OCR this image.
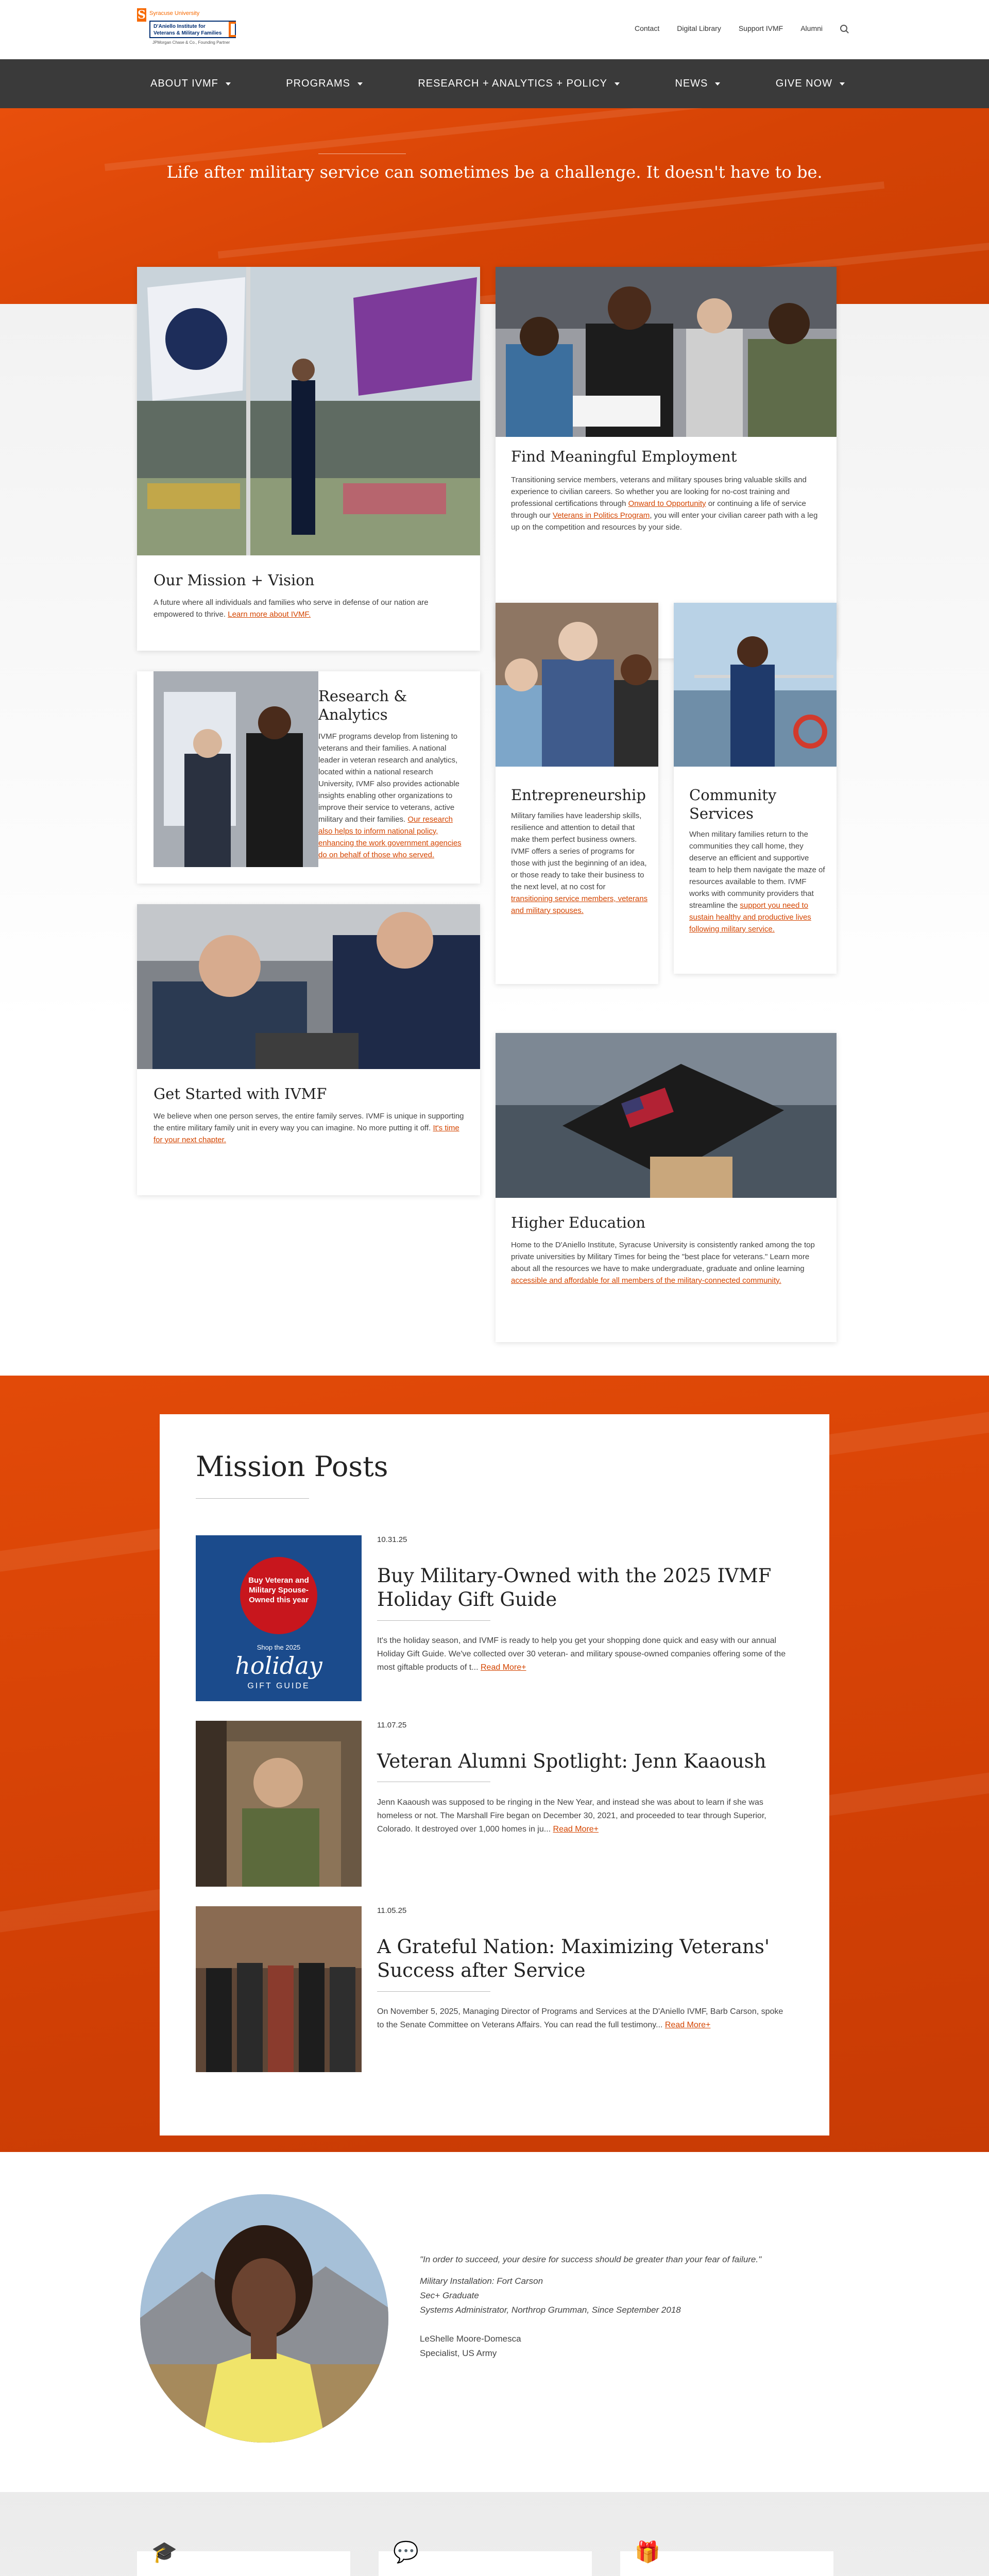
S Syracuse University
D'Aniello Institute for
Veterans & Military Families
JPMorgan Chase & Co., Founding Partner
Contact Digital Library Support IVMF Alumni
ABOUT IVMF	PROGRAMS	RESEARCH + ANALYTICS + POLICY	NEWS	GIVE NOW
Life after military service can sometimes be a challenge. It doesn't have to be.
Our Mission + Vision

A future where all individuals and families who serve in defense of our nation are empowered to thrive. Learn more about IVMF.

Find Meaningful Employment

Transitioning service members, veterans and military spouses bring valuable skills and experience to civilian careers. So whether you are looking for no-cost training and professional certifications through Onward to Opportunity or continuing a life of service through our Veterans in Politics Program, you will enter your civilian career path with a leg up on the competition and resources by your side.

Research & Analytics

IVMF programs develop from listening to veterans and their families. A national leader in veteran research and analytics, located within a national research University, IVMF also provides actionable insights enabling other organizations to improve their service to veterans, active military and their families. Our research also helps to inform national policy, enhancing the work government agencies do on behalf of those who served.

Entrepreneurship

Military families have leadership skills, resilience and attention to detail that make them perfect business owners. IVMF offers a series of programs for those with just the beginning of an idea, or those ready to take their business to the next level, at no cost for transitioning service members, veterans and military spouses.

Community Services

When military families return to the communities they call home, they deserve an efficient and supportive team to help them navigate the maze of resources available to them. IVMF works with community providers that streamline the support you need to sustain healthy and productive lives following military service.

Get Started with IVMF

We believe when one person serves, the entire family serves. IVMF is unique in supporting the entire military family unit in every way you can imagine. No more putting it off. It's time for your next chapter.

Higher Education

Home to the D'Aniello Institute, Syracuse University is consistently ranked among the top private universities by Military Times for being the "best place for veterans." Learn more about all the resources we have to make undergraduate, graduate and online learning accessible and affordable for all members of the military-connected community.

Mission Posts
Buy Veteran and Military Spouse-Owned this year
Shop the 2025
holiday
GIFT GUIDE
10.31.25
Buy Military-Owned with the 2025 IVMF Holiday Gift Guide

It's the holiday season, and IVMF is ready to help you get your shopping done quick and easy with our annual Holiday Gift Guide. We've collected over 30 veteran- and military spouse-owned companies offering some of the most giftable products of t... Read More+

11.07.25
Veteran Alumni Spotlight: Jenn Kaaoush

Jenn Kaaoush was supposed to be ringing in the New Year, and instead she was about to learn if she was homeless or not. The Marshall Fire began on December 30, 2021, and proceeded to tear through Superior, Colorado. It destroyed over 1,000 homes in ju... Read More+

11.05.25
A Grateful Nation: Maximizing Veterans' Success after Service

On November 5, 2025, Managing Director of Programs and Services at the D'Aniello IVMF, Barb Carson, spoke to the Senate Committee on Veterans Affairs. You can read the full testimony... Read More+

"In order to succeed, your desire for success should be greater than your fear of failure."
Military Installation: Fort Carson
Sec+ Graduate
Systems Administrator, Northrop Grumman, Since September 2018
LeShelle Moore-Domesca
Specialist, US Army
🎓	💬	🎁
